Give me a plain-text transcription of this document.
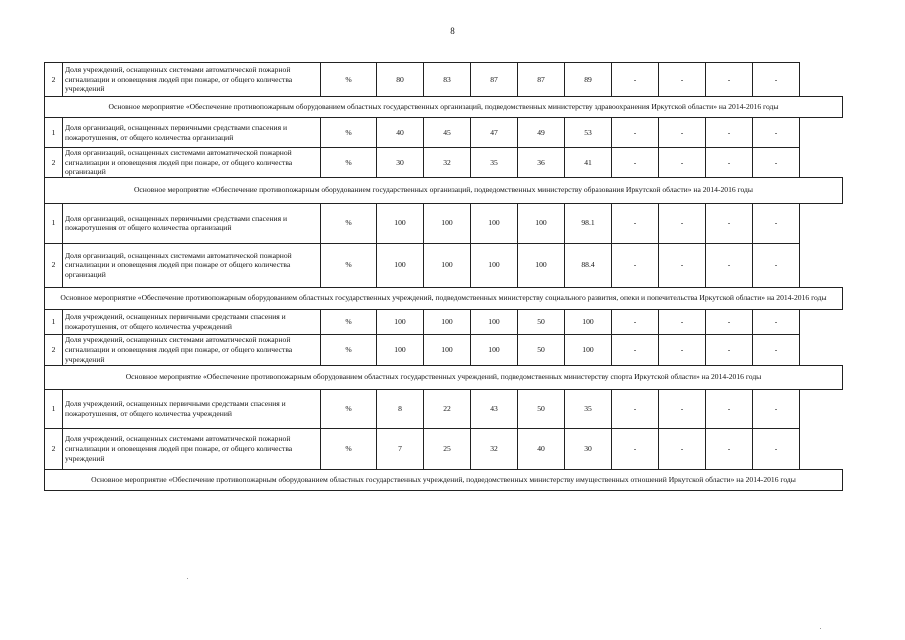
8
2	Доля учреждений, оснащенных системами автоматической пожарной сигнализации и оповещения людей при пожаре, от общего количества учреждений	%	80	83	87	87	89	-	-	-	-
Основное мероприятие «Обеспечение противопожарным оборудованием областных государственных организаций, подведомственных министерству здравоохранения Иркутской области» на 2014-2016 годы											
1	Доля организаций, оснащенных первичными средствами спасения и пожаротушения, от общего количества организаций	%	40	45	47	49	53	-	-	-	-
2	Доля организаций, оснащенных системами автоматической пожарной сигнализации и оповещения людей при пожаре, от общего количества организаций	%	30	32	35	36	41	-	-	-	-
Основное мероприятие «Обеспечение противопожарным оборудованием государственных организаций, подведомственных министерству образования Иркутской области» на 2014-2016 годы											
1	Доля организаций, оснащенных первичными средствами спасения и пожаротушения от общего количества организаций	%	100	100	100	100	98.1	-	-	-	-
2	Доля организаций, оснащенных системами автоматической пожарной сигнализации и оповещения людей при пожаре от общего количества организаций	%	100	100	100	100	88.4	-	-	-	-
Основное мероприятие «Обеспечение противопожарным оборудованием областных государственных учреждений, подведомственных министерству социального развития, опеки и попечительства Иркутской области» на 2014-2016 годы											
1	Доля учреждений, оснащенных первичными средствами спасения и пожаротушения, от общего количества учреждений	%	100	100	100	50	100	-	-	-	-
2	Доля учреждений, оснащенных системами автоматической пожарной сигнализации и оповещения людей при пожаре, от общего количества учреждений	%	100	100	100	50	100	-	-	-	-
Основное мероприятие «Обеспечение противопожарным оборудованием областных государственных учреждений, подведомственных министерству спорта Иркутской области» на 2014-2016 годы											
1	Доля учреждений, оснащенных первичными средствами спасения и пожаротушения, от общего количества учреждений	%	8	22	43	50	35	-	-	-	-
2	Доля учреждений, оснащенных системами автоматической пожарной сигнализации и оповещения людей при пожаре, от общего количества учреждений	%	7	25	32	40	30	-	-	-	-
Основное мероприятие «Обеспечение противопожарным оборудованием областных государственных учреждений, подведомственных министерству имущественных отношений Иркутской области» на 2014-2016 годы											
